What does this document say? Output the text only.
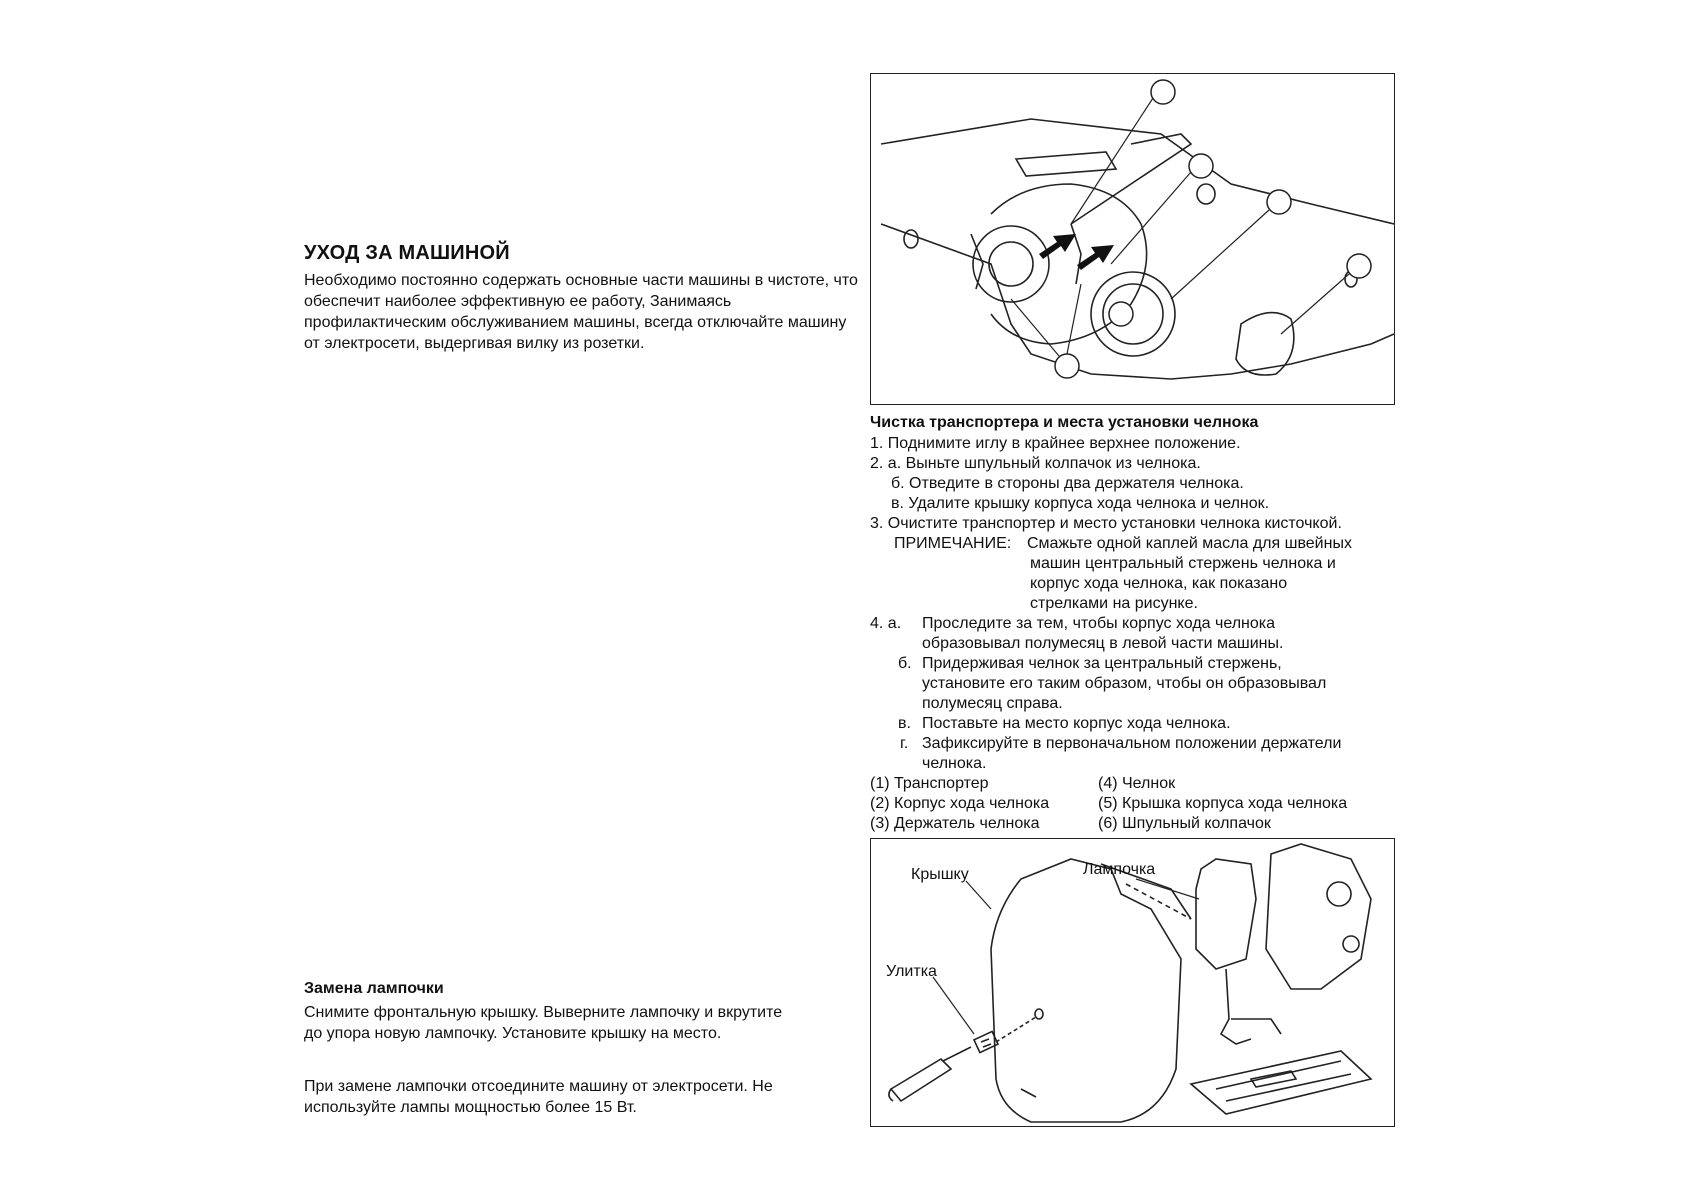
УХОД ЗА МАШИНОЙ

Необходимо постоянно содержать основные части машины в чистоте, что обеспечит наиболее эффективную ее работу, Занимаясь профилактическим обслуживанием машины, всегда отключайте машину от электросети, выдергивая вилку из розетки.

Замена лампочки

Снимите фронтальную крышку. Выверните лампочку и вкрутите до упора новую лампочку. Установите крышку на место.

При замене лампочки отсоедините машину от электросети. Не используйте лампы мощностью более 15 Вт.

Чистка транспортера и места установки челнока
1. Поднимите иглу в крайнее верхнее положение.
2. а. Выньте шпульный колпачок из челнока.
б. Отведите в стороны два держателя челнока.
в. Удалите крышку корпуса хода челнока и челнок.
3. Очистите транспортер и место установки челнока кисточкой.
ПРИМЕЧАНИЕ: Смажьте одной каплей масла для швейных
машин центральный стержень челнока и
корпус хода челнока, как показано
стрелками на рисунке.
4. а. Проследите за тем, чтобы корпус хода челнока
образовывал полумесяц в левой части машины.
б. Придерживая челнок за центральный стержень,
установите его таким образом, чтобы он образовывал
полумесяц справа.
в. Поставьте на место корпус хода челнока.
г. Зафиксируйте в первоначальном положении держатели
челнока.
(1) Транспортер	(4) Челнок
(2) Корпус хода челнока	(5) Крышка корпуса хода челнока
(3) Держатель челнока	(6) Шпульный колпачок
Крышку	Лампочка
Улитка
